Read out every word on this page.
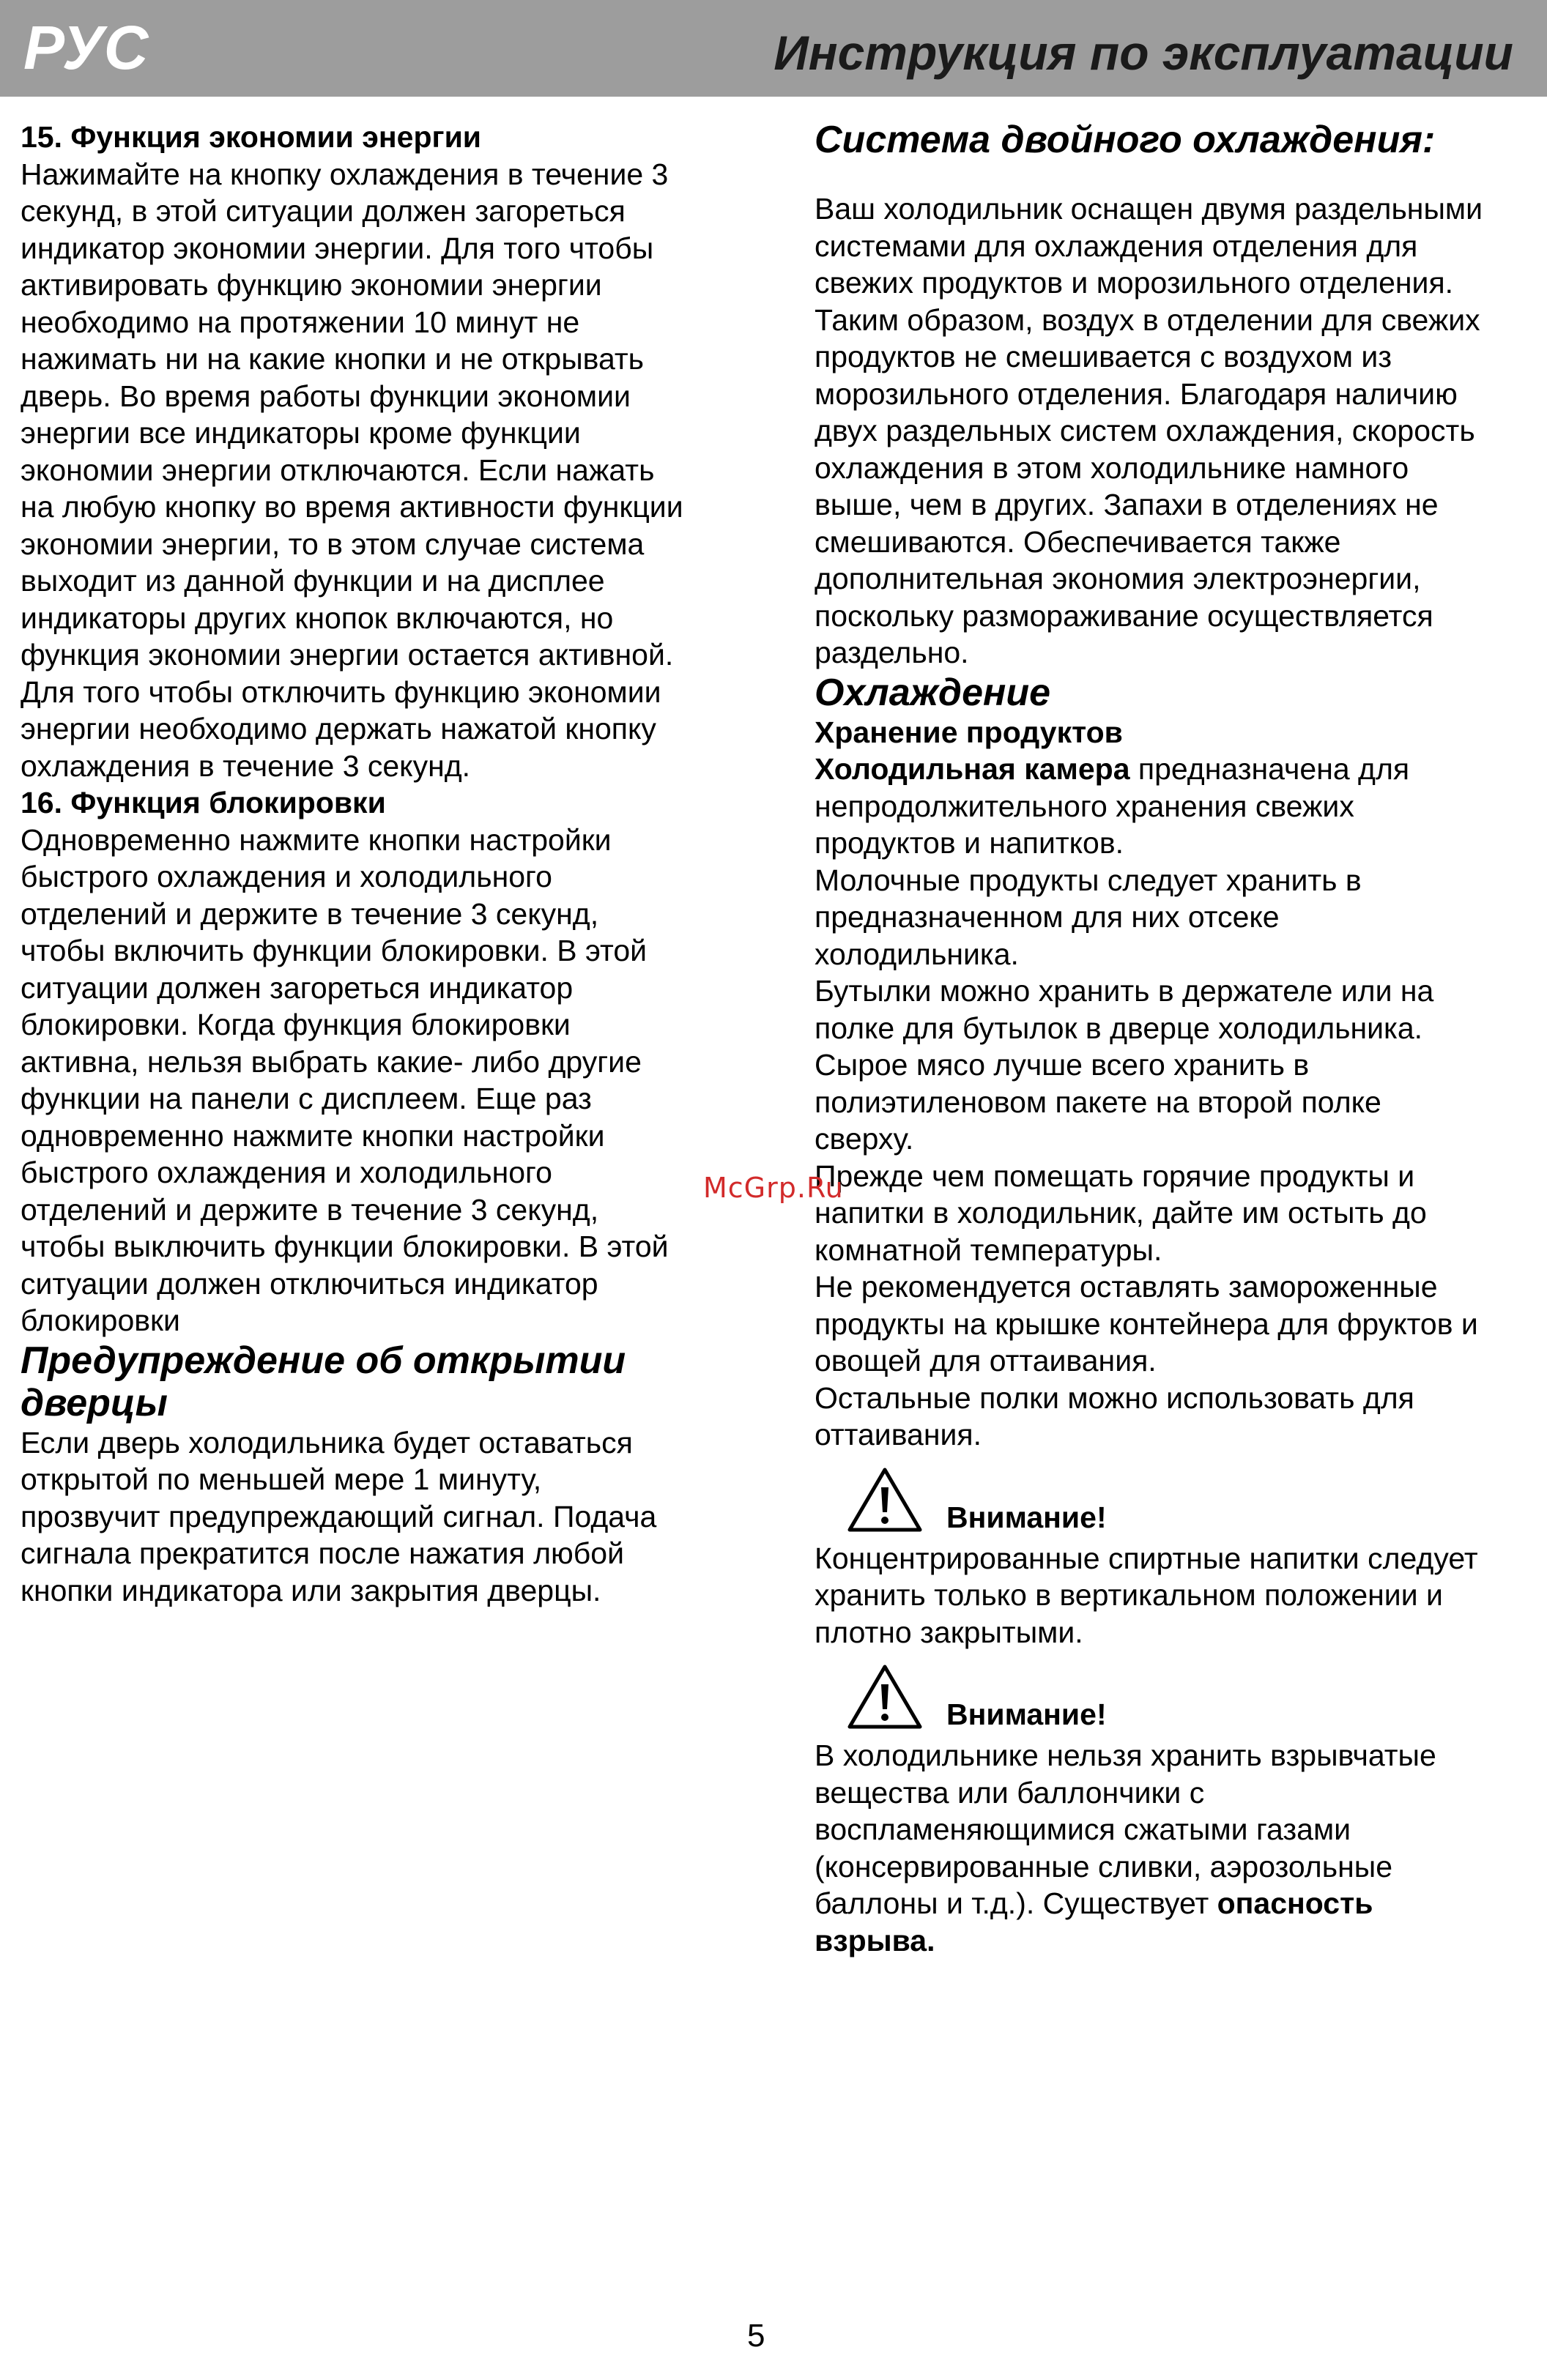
РУС	Инструкция по эксплуатации
15. Функция экономии энергии
Нажимайте на кнопку охлаждения в течение 3
секунд, в этой ситуации должен загореться
индикатор экономии энергии. Для того чтобы
активировать функцию экономии энергии
необходимо на протяжении 10 минут не
нажимать ни на какие кнопки и не открывать
дверь. Во время работы функции экономии
энергии все индикаторы кроме функции
экономии энергии отключаются. Если нажать
на любую кнопку во время активности функции
экономии энергии, то в этом случае система
выходит из данной функции и на дисплее
индикаторы других кнопок включаются, но
функция экономии энергии остается активной.
Для того чтобы отключить функцию экономии
энергии необходимо держать нажатой кнопку
охлаждения в течение 3 секунд.
16. Функция блокировки
Одновременно нажмите кнопки настройки
быстрого охлаждения и холодильного
отделений и держите в течение 3 секунд,
чтобы включить функции блокировки. В этой
ситуации должен загореться индикатор
блокировки. Когда функция блокировки
активна, нельзя выбрать какие- либо другие
функции на панели с дисплеем. Еще раз
одновременно нажмите кнопки настройки
быстрого охлаждения и холодильного
отделений и держите в течение 3 секунд,
чтобы выключить функции блокировки. В этой
ситуации должен отключиться индикатор
блокировки
Предупреждение об открытии
дверцы
Если дверь холодильника будет оставаться
открытой по меньшей мере 1 минуту,
прозвучит предупреждающий сигнал. Подача
сигнала прекратится после нажатия любой
кнопки индикатора или закрытия дверцы.
Система двойного охлаждения:
Ваш холодильник оснащен двумя раздельными
системами для охлаждения отделения для
свежих продуктов и морозильного отделения.
Таким образом, воздух в отделении для свежих
продуктов не смешивается с воздухом из
морозильного отделения. Благодаря наличию
двух раздельных систем охлаждения, скорость
охлаждения в этом холодильнике намного
выше, чем в других. Запахи в отделениях не
смешиваются. Обеспечивается также
дополнительная экономия электроэнергии,
поскольку размораживание осуществляется
раздельно.
Охлаждение
Хранение продуктов
Холодильная камера предназначена для
непродолжительного хранения свежих
продуктов и напитков.
Молочные продукты следует хранить в
предназначенном для них отсеке
холодильника.
Бутылки можно хранить в держателе или на
полке для бутылок в дверце холодильника.
Сырое мясо лучше всего хранить в
полиэтиленовом пакете на второй полке
сверху.
Прежде чем помещать горячие продукты и
напитки в холодильник, дайте им остыть до
комнатной температуры.
Не рекомендуется оставлять замороженные
продукты на крышке контейнера для фруктов и
овощей для оттаивания.
Остальные полки можно использовать для
оттаивания.
Внимание!
Концентрированные спиртные напитки следует
хранить только в вертикальном положении и
плотно закрытыми.
Внимание!
В холодильнике нельзя хранить взрывчатые
вещества или баллончики с
воспламеняющимися сжатыми газами
(консервированные сливки, аэрозольные
баллоны и т.д.). Существует опасность
взрыва.
McGrp.Ru
5
